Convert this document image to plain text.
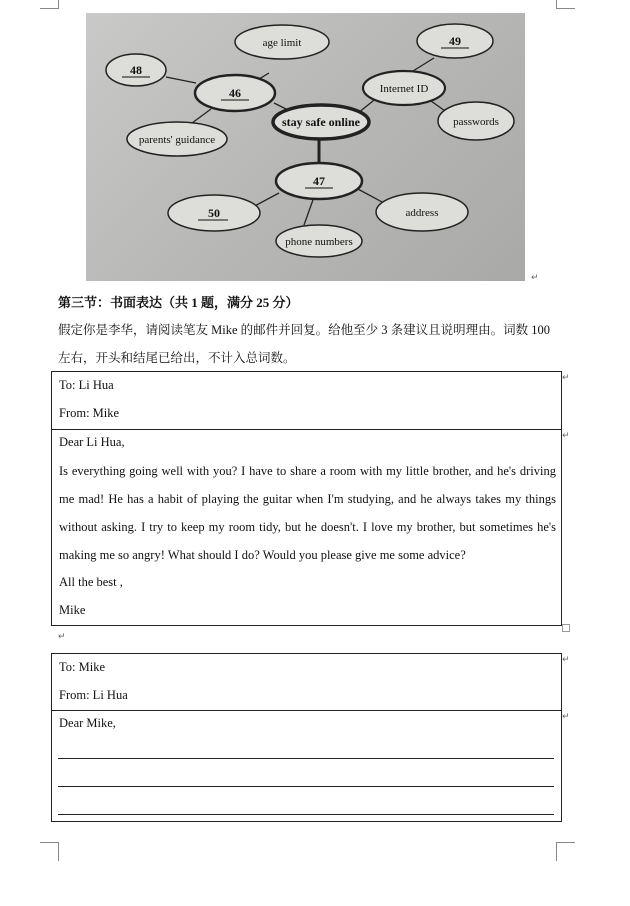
age limit
48
46
parents' guidance
stay safe online
Internet ID
49
passwords
47
50	address
phone numbers
↵
第三节：书面表达（共 1 题，满分 25 分）
假定你是李华，请阅读笔友 Mike 的邮件并回复。给他至少 3 条建议且说明理由。词数 100
左右，开头和结尾已给出，不计入总词数。
To: Li Hua
From: Mike
Dear Li Hua,
Is everything going well with you? I have to share a room with my little brother, and he's driving me mad! He has a habit of playing the guitar when I'm studying, and he always takes my things without asking. I try to keep my room tidy, but he doesn't. I love my brother, but sometimes he's making me so angry! What should I do? Would you please give me some advice?
All the best ,
Mike
↵
↵
↵
To: Mike
From: Li Hua
Dear Mike,
↵
↵
